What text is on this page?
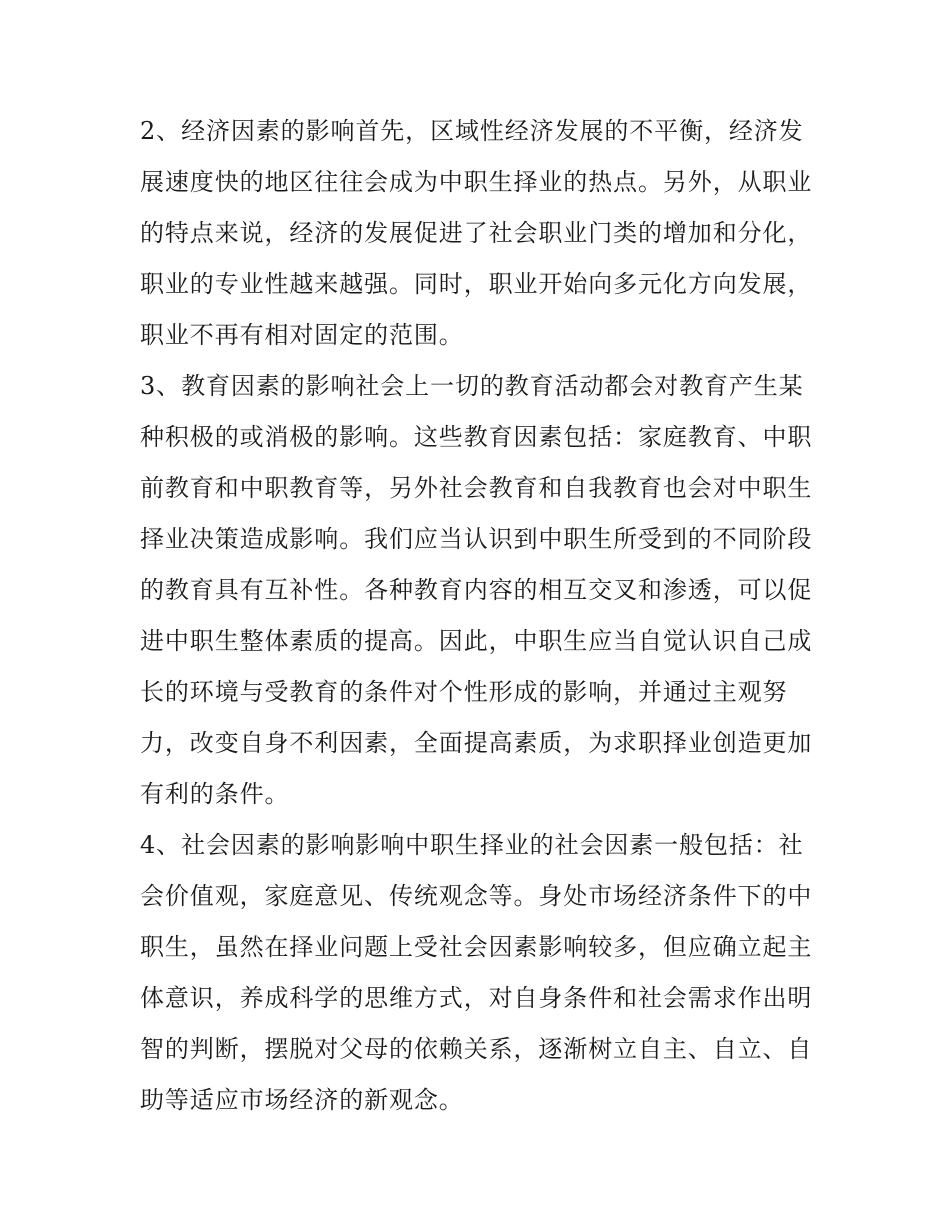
2、经济因素的影响首先，区域性经济发展的不平衡，经济发
展速度快的地区往往会成为中职生择业的热点。另外，从职业
的特点来说，经济的发展促进了社会职业门类的增加和分化，
职业的专业性越来越强。同时，职业开始向多元化方向发展，
职业不再有相对固定的范围。
3、教育因素的影响社会上一切的教育活动都会对教育产生某
种积极的或消极的影响。这些教育因素包括：家庭教育、中职
前教育和中职教育等，另外社会教育和自我教育也会对中职生
择业决策造成影响。我们应当认识到中职生所受到的不同阶段
的教育具有互补性。各种教育内容的相互交叉和渗透，可以促
进中职生整体素质的提高。因此，中职生应当自觉认识自己成
长的环境与受教育的条件对个性形成的影响，并通过主观努
力，改变自身不利因素，全面提高素质，为求职择业创造更加
有利的条件。
4、社会因素的影响影响中职生择业的社会因素一般包括：社
会价值观，家庭意见、传统观念等。身处市场经济条件下的中
职生，虽然在择业问题上受社会因素影响较多，但应确立起主
体意识，养成科学的思维方式，对自身条件和社会需求作出明
智的判断，摆脱对父母的依赖关系，逐渐树立自主、自立、自
助等适应市场经济的新观念。
